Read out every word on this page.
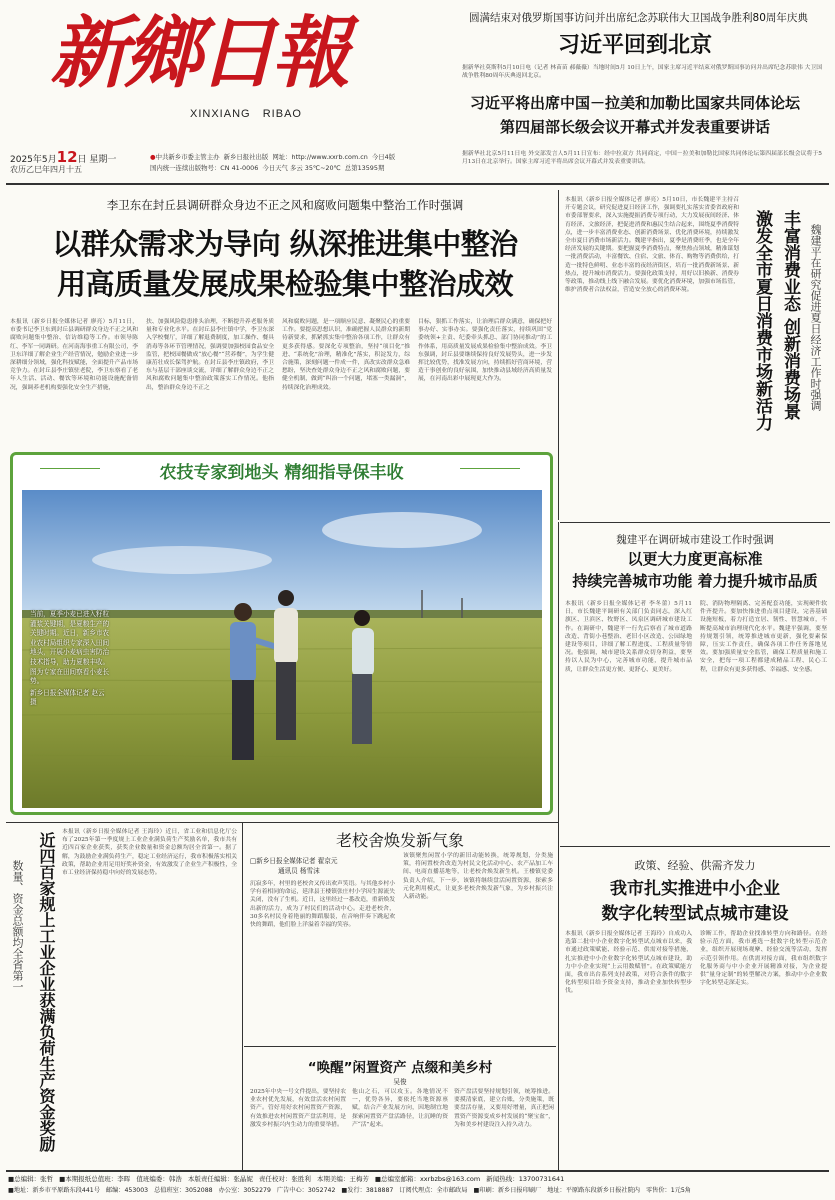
新鄉日報
XINXIANG   RIBAO
2025年5月12日 星期一
农历乙巳年四月十五
●中共新乡市委主管主办 新乡日报社出版 网址：http://www.xxrb.com.cn 今日4版
国内统一连续出版物号：CN 41-0006 今日天气 多云 35℃~20℃ 总第13595期
圆满结束对俄罗斯国事访问并出席纪念苏联伟大卫国战争胜利80周年庆典
习近平回到北京
据新华社莫斯科5月10日电（记者 林苗苗 郝薇薇）当地时间5月 10日上午，国家主席习近平结束对俄罗斯国事访问并出席纪念苏联伟 大卫国战争胜利80周年庆典返回北京。
习近平将出席中国－拉美和加勒比国家共同体论坛
第四届部长级会议开幕式并发表重要讲话
据新华社北京5月11日电 外交部发言人5月11日宣布：经中拉双方 共同商定，中国－拉美和加勒比国家共同体论坛第四届部长级会议将于5 月13日在北京举行。国家主席习近平将出席会议开幕式并发表重要讲话。
李卫东在封丘县调研群众身边不正之风和腐败问题集中整治工作时强调
以群众需求为导向 纵深推进集中整治
用高质量发展成果检验集中整治成效
本报讯（新乡日报全媒体记者 廖亮）5月11日，市委书记李卫东到封丘县调研群众身边不正之风和腐败问题集中整治、信访维稳等工作。市领导陈红、李军一同调研。在河南海事重工有限公司，李卫东详细了解企业生产经营情况，勉励企业进一步深耕细分领域，强化科技赋能，全面提升产品市场竞争力。在封丘县李庄镇驻老院，李卫东察看了老年人生活、活动、餐饮等环境和功能设施配备情况，强调养老机构要强化安全生产措施，
扶、加强风险隐患排头治理，不断提升养老服务质量和专业化水平。在封丘县李庄镇中学，李卫东深入学校餐厅，详细了解退费制度，加工操作、餐具消毒等各环节管理情况，强调要加强校园食品安全监管，把校园餐做成“放心餐”“营养餐”，为学生健康茁壮成长保驾护航。在封丘县李庄镇政府，李卫东与基层干部座谈交流，详细了解群众身边不正之风和腐败问题集中整治政策落实工作情况。他指出，整治群众身边不正之
风和腐败问题，是一项顺应民意、凝聚民心的重要工作。要提高思想认识，准确把握人民群众的新期待新要求，抓紧抓实集中整治各项工作，让群众有更多获得感。要深化专项整治，坚持“项目化”推进、“系统化”治理，精准化”落实，积淀发力，综合施策，深刻问题一件成一件，真改实改群众急难愁盼，坚决查处群众身边不正之风和腐败问题，要健全机制，做到“纠治一个问题，堵塞一类漏洞”，持续深化治理成效。
目标，狠抓工作落实，让治理后群众满意，确保把好事办好、实事办实。要强化责任落实，持续巩固“党委统领+主责、纪委牵头抓总、部门协同推动”的工作体系，用高质量发展成果检验集中整治成效。李卫东强调，封丘县要继续保持良好发展势头，进一步发挥比较优势，找准发展方向，持续抓好营商环境，营造干事创业的良好氛围，加快推动县域经济高质量发展，在河南出彩中展现更大作为。
农技专家到地头 精细指导保丰收
当前，夏季小麦已进入籽粒灌浆关键期，是夏粮生产的关键时期。近日，新乡市农业农村局组织专家深入田间地头，开展小麦病虫害防治技术指导，助力夏粮丰收。图为专家在田间察看小麦长势。
新乡日报全媒体记者 赵云 摄
本报讯（新乡日报全媒体记者 廖亮）5月10日，市长魏建平主持召开专题会议，研究促进夏日经济工作，强调要扎实落实省委省政府和市委部署要求，深入实施提振消费专项行动，大力发展夜间经济、体育经济、文旅经济，把促进消费和惠民生结合起来，围绕夏季消费特点，进一步丰富消费业态、创新消费场景、优化消费环境，持续激发全市夏日消费市场新活力。魏建平指出，夏季是消费旺季，也是全年经济发展的关键期。要把握夏季消费特点，聚焦热点领域，精准谋划一批消费活动，丰富餐饮、住宿、文旅、体育、购物等消费供给，打造一批特色鲜明、业态丰富的夜经济街区，培育一批消费新场景、新热点，提升城市消费活力。要强化政策支持，用好以旧换新、消费券等政策，推动线上线下融合发展。要优化消费环境，加强市场监管，维护消费者合法权益，营造安全放心的消费环境。	魏建平在研究促进夏日经济工作时强调
丰富消费业态 创新消费场景
激发全市夏日消费市场新活力
魏建平在调研城市建设工作时强调
以更大力度更高标准
持续完善城市功能 着力提升城市品质
本报讯（新乡日报全媒体记者 李冬蕾）5月11日，市长魏建平调研有关部门负责同志，深入红旗区、卫滨区、牧野区、凤泉区调研城市建设工作。在调研中，魏建平一行先后察看了城市道路改造、背街小巷整治、老旧小区改造、公园绿地建设等项目，详细了解工程进度、工程质量等情况。他强调，城市建设关系群众切身利益，要坚持以人民为中心，完善城市功能，提升城市品质，让群众生活更方便、更舒心、更美好。
院、消防物理隔离、完善配套功能，实现硬件软件齐提升。要加快推进重点项目建设，完善基础设施短板，着力打造宜居、韧性、智慧城市，不断提高城市治理现代化水平。魏建平强调，要坚持规划引领，统筹推进城市更新，强化要素保障，压实工作责任，确保各项工作任务落地见效。要加强质量安全监管，确保工程质量和施工安全，把每一项工程都建成精品工程、民心工程，让群众有更多获得感、幸福感、安全感。
政策、经验、供需齐发力
我市扎实推进中小企业
数字化转型试点城市建设
本报讯（新乡日报全媒体记者 王海玲）自成功入选第二批中小企业数字化转型试点城市以来，我市通过政策赋能、经验示范、供需对接等措施，扎实推进中小企业数字化转型试点城市建设，助力中小企业实现“上云用数赋智”。在政策赋能方面，我市出台系列支持政策，对符合条件的数字化转型项目给予资金支持，推动企业加快转型步伐。
诊断工作，帮助企业找准转型方向和路径。在经验示范方面，我市遴选一批数字化转型示范企业，组织开展现场观摩、经验交流等活动，发挥示范引领作用。在供需对接方面，我市组织数字化服务商与中小企业开展精准对接，为企业提供“量身定制”的转型解决方案，推动中小企业数字化转型走深走实。
近四百家规上工业企业获满负荷生产资金奖励
数量、资金总额均全省第一
本报讯（新乡日报全媒体记者 王海玲）近日，省工业和信息化厅公布了2025年第一季度规上工业企业满负荷生产奖励名单，我市共有近四百家企业获奖，获奖企业数量和资金总额均居全省第一。据了解，为鼓励企业满负荷生产，稳定工业经济运行，我市积极落实相关政策，帮助企业用足用好奖补资金，有效激发了企业生产积极性，全市工业经济保持稳中向好的发展态势。
老校舍焕发新气象
□新乡日报全媒体记者 翟京元
通讯员 杨雪沫
沉寂多年，村里的老校舍又传出欢声笑语。与其他乡村小学有着相同的命运，延津县王楼镇张庄村小学因生源流失关闭，没有了生机。近日，这里经过一番改造，重新焕发出新的活力，成为了村民们的活动中心。走进老校舍，30多名村民身着艳丽的舞蹈服装，在音响伴奏下跳起欢快的舞蹈，他们脸上洋溢着幸福的笑容。
该镇聚焦闲置小学的新旧动能转换，统筹规划，分类施策，将闲置校舍改造为村民文化活动中心、农产品加工车间、电商直播基地等，让老校舍焕发新生机。王楼镇党委负责人介绍，下一步，该镇将继续盘活闲置资源，探索多元化利用模式，让更多老校舍焕发新气象，为乡村振兴注入新动能。
“唤醒”闲置资产 点缀和美乡村
吴俊
2025年中央一号文件提出，要坚持农业农村优先发展，有效盘活农村闲置资产。管好用好农村闲置资产资源，有效推进农村闲置资产盘活利用，是激发乡村振兴内生动力的重要举措。
他山之石，可以攻玉。各地情况不一，优势各异，要依托当地资源禀赋，结合产业发展方向，因地制宜地探索闲置资产盘活路径，让沉睡的资产“活”起来。
资产盘活要坚持规划引领，统筹推进。要摸清家底，建立台账，分类施策，既要盘活存量，又要用好增量，真正把闲置资产资源变成乡村发展的“聚宝盆”，为和美乡村建设注入持久动力。
■总编辑：张哲 ■本期报纸总值班：李晖 值班编委：韩浩 本版责任编辑：张晶妮 责任校对：张胜利 本期美编：王梅芳 ■总编室邮箱：xxrbzbs@163.com 新闻热线：13700731641
■地址：新乡市平原路东段441号 邮编：453003 总值班室：3052088 办公室：3052279 广告中心：3052742 ■发行：3818887 订阅代理点：全市邮政局 ■印刷：新乡日报印刷厂 地址：平原路东段新乡日报社院内 零售价：1元5角
